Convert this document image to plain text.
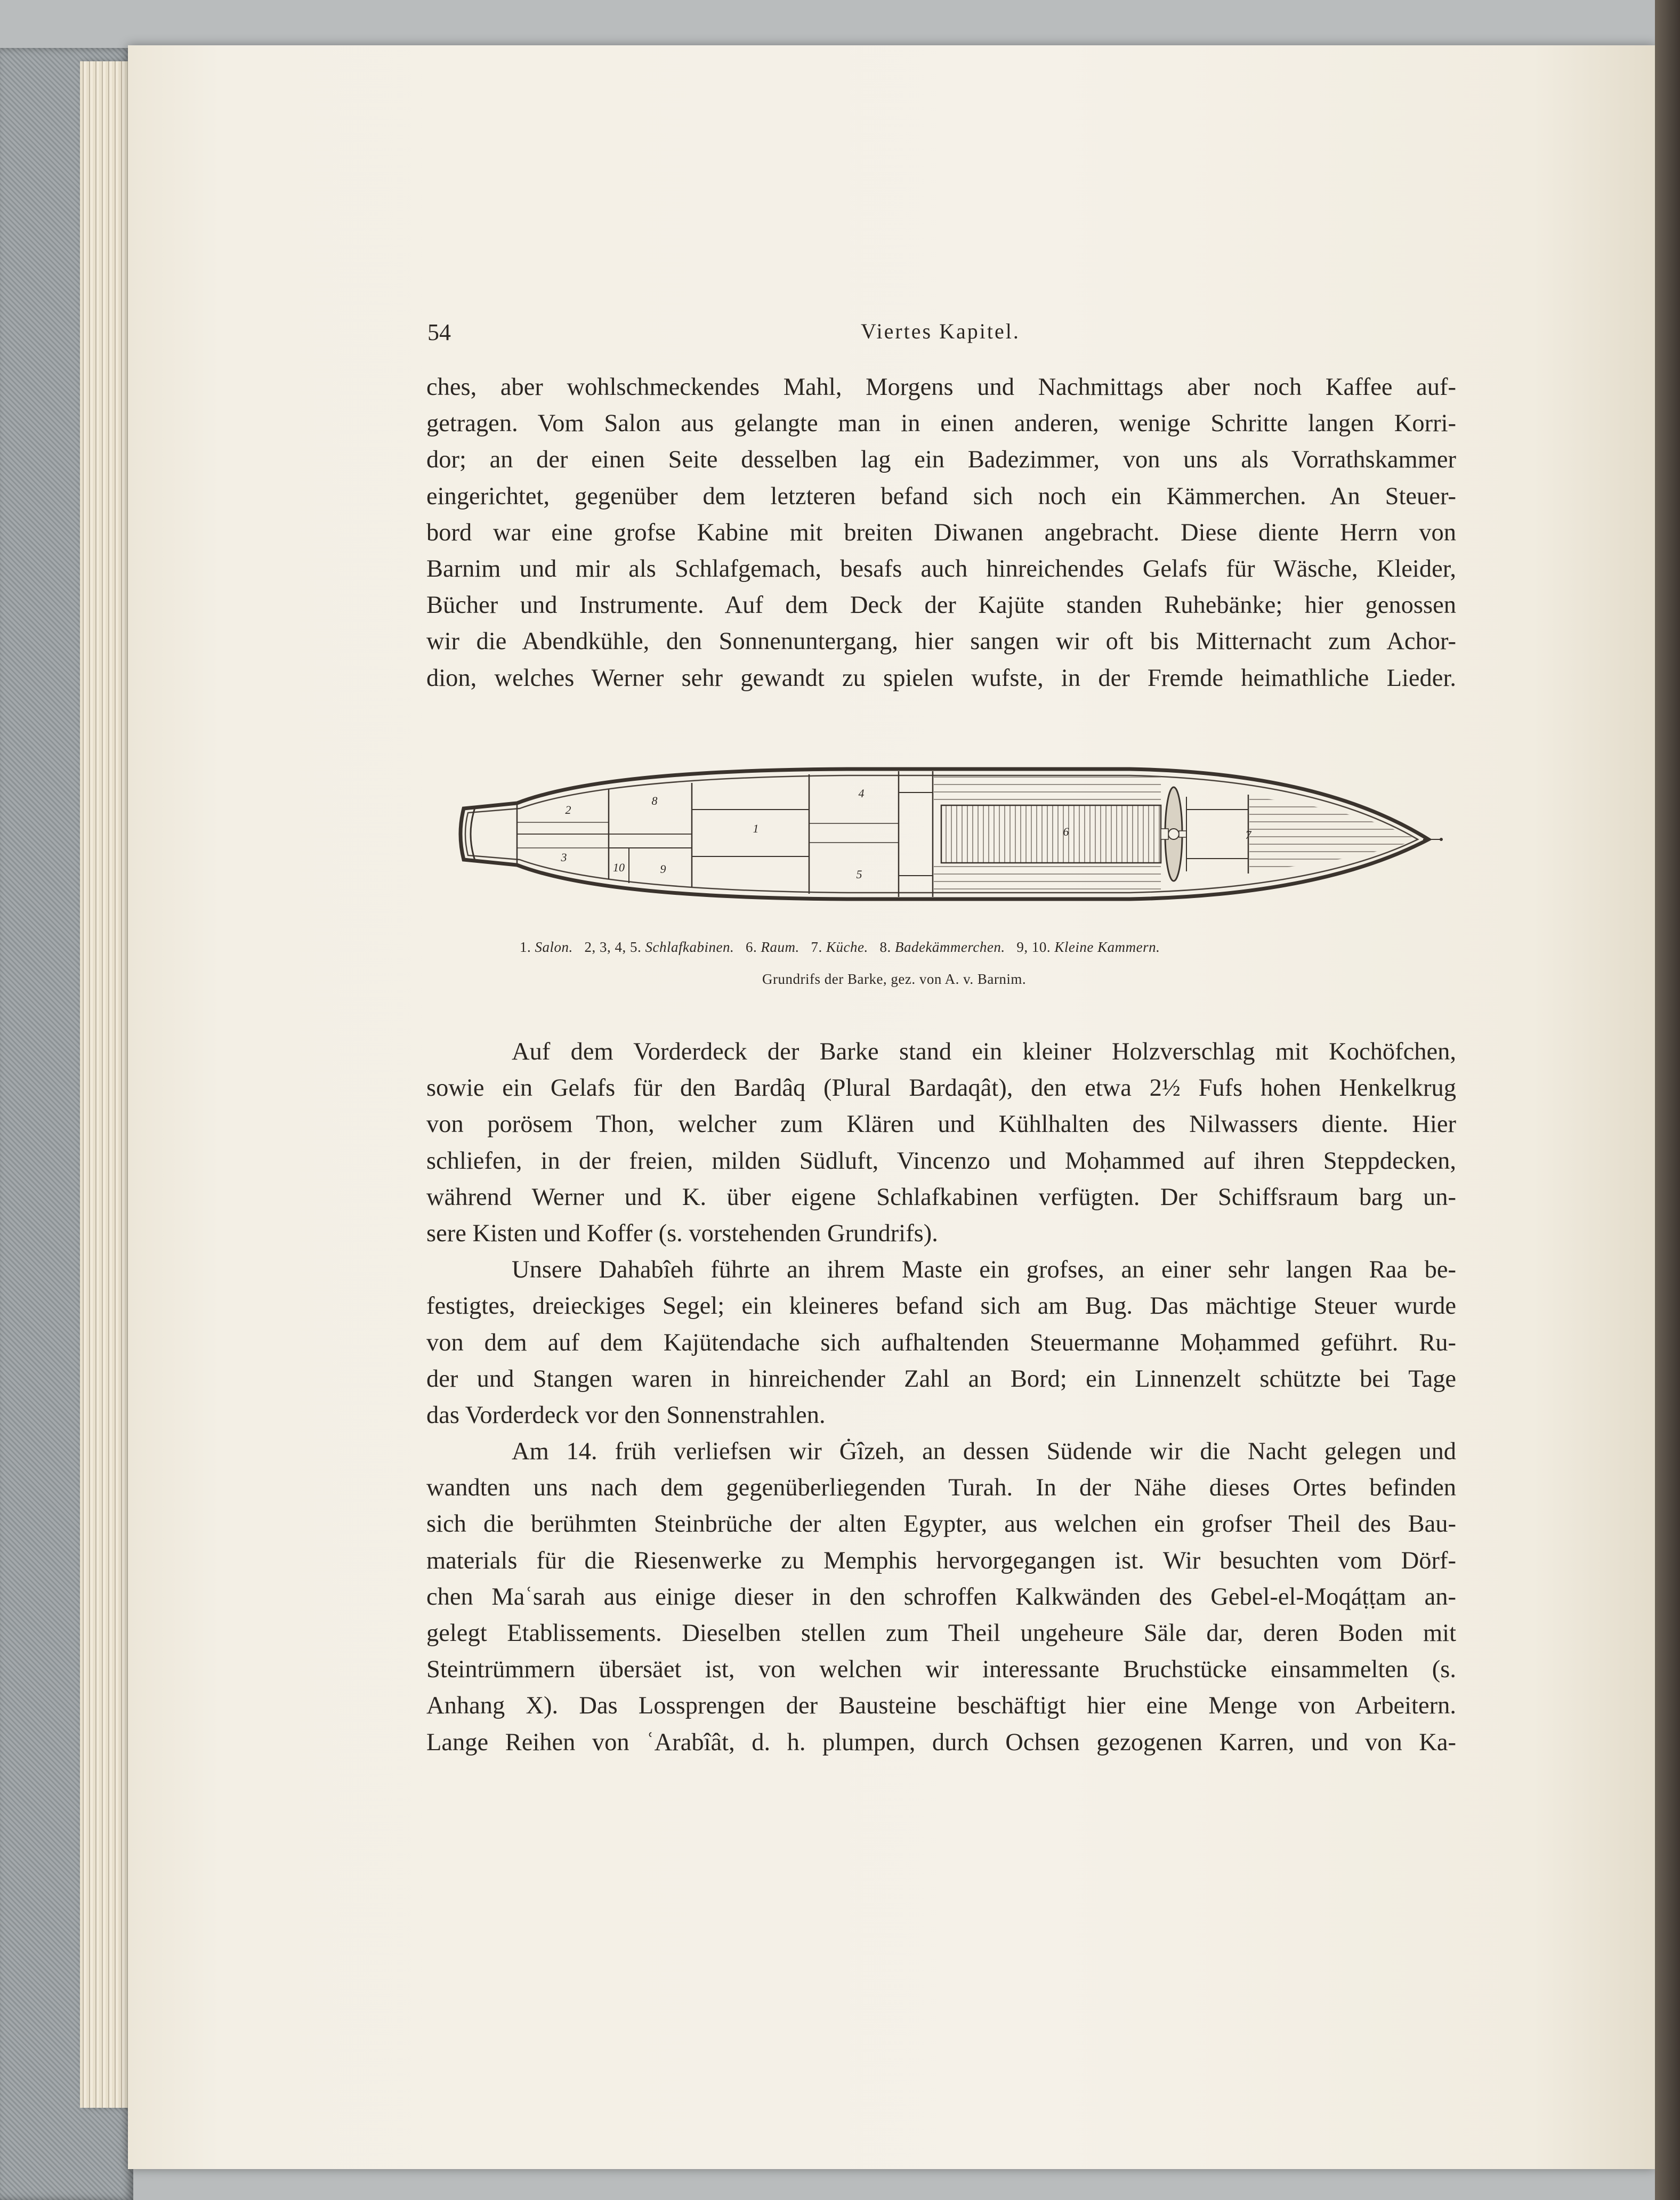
54	Viertes Kapitel.
ches, aber wohlschmeckendes Mahl, Morgens und Nachmittags aber noch Kaffee auf-
getragen. Vom Salon aus gelangte man in einen anderen, wenige Schritte langen Korri-
dor; an der einen Seite desselben lag ein Badezimmer, von uns als Vorrathskammer
eingerichtet, gegenüber dem letzteren befand sich noch ein Kämmerchen. An Steuer-
bord war eine grofse Kabine mit breiten Diwanen angebracht. Diese diente Herrn von
Barnim und mir als Schlafgemach, besafs auch hinreichendes Gelafs für Wäsche, Kleider,
Bücher und Instrumente. Auf dem Deck der Kajüte standen Ruhebänke; hier genossen
wir die Abendkühle, den Sonnenuntergang, hier sangen wir oft bis Mitternacht zum Achor-
dion, welches Werner sehr gewandt zu spielen wufste, in der Fremde heimathliche Lieder.
2
8
4
1
3
10	9	5
6	7
1. Salon. 2, 3, 4, 5. Schlafkabinen. 6. Raum. 7. Küche. 8. Badekämmerchen. 9, 10. Kleine Kammern.
Grundrifs der Barke, gez. von A. v. Barnim.
Auf dem Vorderdeck der Barke stand ein kleiner Holzverschlag mit Kochöfchen,
sowie ein Gelafs für den Bardâq (Plural Bardaqât), den etwa 2½ Fufs hohen Henkelkrug
von porösem Thon, welcher zum Klären und Kühlhalten des Nilwassers diente. Hier
schliefen, in der freien, milden Südluft, Vincenzo und Moḥammed auf ihren Steppdecken,
während Werner und K. über eigene Schlafkabinen verfügten. Der Schiffsraum barg un-
sere Kisten und Koffer (s. vorstehenden Grundrifs).
Unsere Dahabîeh führte an ihrem Maste ein grofses, an einer sehr langen Raa be-
festigtes, dreieckiges Segel; ein kleineres befand sich am Bug. Das mächtige Steuer wurde
von dem auf dem Kajütendache sich aufhaltenden Steuermanne Moḥammed geführt. Ru-
der und Stangen waren in hinreichender Zahl an Bord; ein Linnenzelt schützte bei Tage
das Vorderdeck vor den Sonnenstrahlen.
Am 14. früh verliefsen wir Ġîzeh, an dessen Südende wir die Nacht gelegen und
wandten uns nach dem gegenüberliegenden Turah. In der Nähe dieses Ortes befinden
sich die berühmten Steinbrüche der alten Egypter, aus welchen ein grofser Theil des Bau-
materials für die Riesenwerke zu Memphis hervorgegangen ist. Wir besuchten vom Dörf-
chen Maʿsarah aus einige dieser in den schroffen Kalkwänden des Gebel-el-Moqáṭṭam an-
gelegt Etablissements. Dieselben stellen zum Theil ungeheure Säle dar, deren Boden mit
Steintrümmern übersäet ist, von welchen wir interessante Bruchstücke einsammelten (s.
Anhang X). Das Lossprengen der Bausteine beschäftigt hier eine Menge von Arbeitern.
Lange Reihen von ʿArabîât, d. h. plumpen, durch Ochsen gezogenen Karren, und von Ka-
